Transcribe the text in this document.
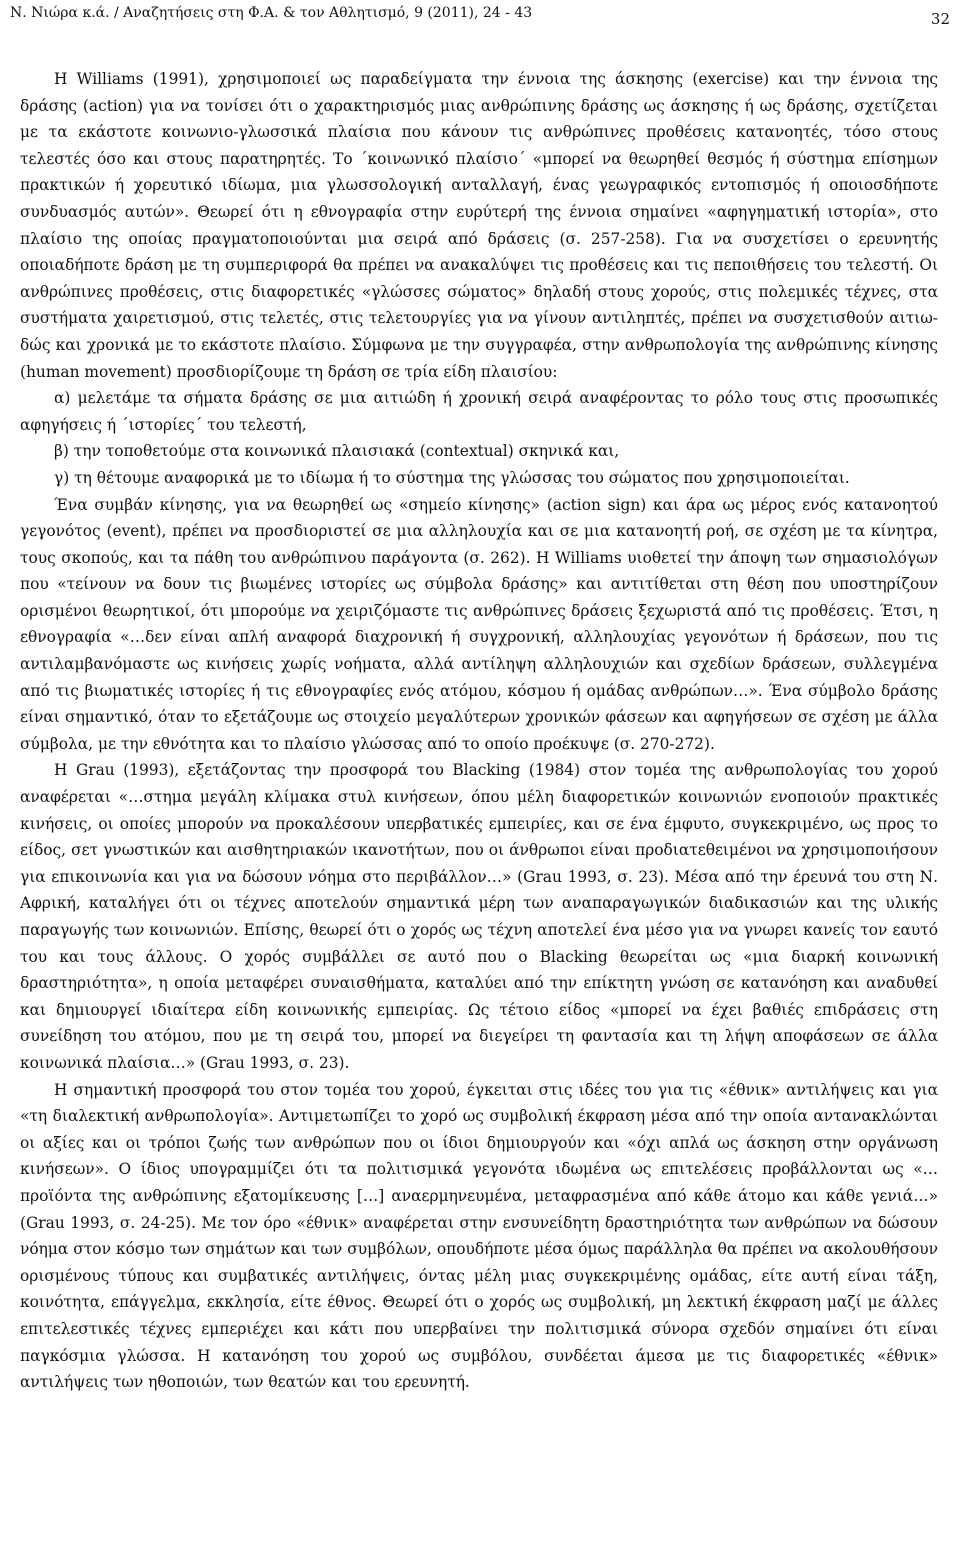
Ν. Νιώρα κ.ά. / Αναζητήσεις στη Φ.Α. & τον Αθλητισμό, 9 (2011), 24 - 43	32

Η Williams (1991), χρησιμοποιεί ως παραδείγματα την έννοια της άσκησης (exercise) και την έννοια της δράσης (action) για να τονίσει ότι ο χαρακτηρισμός μιας ανθρώπινης δράσης ως άσκησης ή ως δράσης, σχετίζεται με τα εκάστοτε κοινωνιο-γλωσσικά πλαίσια που κάνουν τις ανθρώπινες προθέσεις κατανοητές, τόσο στους τελεστές όσο και στους παρατηρητές. Το ΄κοινωνικό πλαίσιο΄ «μπορεί να θεωρηθεί θεσμός ή σύστημα επίσημων πρακτικών ή χορευτικό ιδίωμα, μια γλωσσολογική ανταλλαγή, ένας γεωγραφικός εντοπισμός ή οποιοσδήποτε συνδυασμός αυτών». Θεωρεί ότι η εθνογραφία στην ευρύτερή της έννοια σημαίνει «αφηγηματική ιστορία», στο πλαίσιο της οποίας πραγματοποιούνται μια σειρά από δράσεις (σ. 257-258). Για να συσχετίσει ο ερευνητής οποιαδήποτε δράση με τη συμπεριφορά θα πρέπει να ανακαλύψει τις προθέσεις και τις πεποιθήσεις του τελεστή. Οι ανθρώπινες προθέσεις, στις διαφορετικές «γλώσσες σώματος» δηλαδή στους χορούς, στις πολεμικές τέχνες, στα συστήματα χαιρετισμού, στις τελετές, στις τελετουργίες για να γίνουν αντιληπτές, πρέπει να συσχετισθούν αιτιωδώς και χρονικά με το εκάστοτε πλαίσιο. Σύμφωνα με την συγγραφέα, στην ανθρωπολογία της ανθρώπινης κίνησης (human movement) προσδιορίζουμε τη δράση σε τρία είδη πλαισίου:

α) μελετάμε τα σήματα δράσης σε μια αιτιώδη ή χρονική σειρά αναφέροντας το ρόλο τους στις προσωπικές αφηγήσεις ή ΄ιστορίες΄ του τελεστή,

β) την τοποθετούμε στα κοινωνικά πλαισιακά (contextual) σκηνικά και,

γ) τη θέτουμε αναφορικά με το ιδίωμα ή το σύστημα της γλώσσας του σώματος που χρησιμοποιείται.

Ένα συμβάν κίνησης, για να θεωρηθεί ως «σημείο κίνησης» (action sign) και άρα ως μέρος ενός κατανοητού γεγονότος (event), πρέπει να προσδιοριστεί σε μια αλληλουχία και σε μια κατανοητή ροή, σε σχέση με τα κίνητρα, τους σκοπούς, και τα πάθη του ανθρώπινου παράγοντα (σ. 262). Η Williams υιοθετεί την άποψη των σημασιολόγων που «τείνουν να δουν τις βιωμένες ιστορίες ως σύμβολα δράσης» και αντιτίθεται στη θέση που υποστηρίζουν ορισμένοι θεωρητικοί, ότι μπορούμε να χειριζόμαστε τις ανθρώπινες δράσεις ξεχωριστά από τις προθέσεις. Έτσι, η εθνογραφία «…δεν είναι απλή αναφορά διαχρονική ή συγχρονική, αλληλουχίας γεγονότων ή δράσεων, που τις αντιλαμβανόμαστε ως κινήσεις χωρίς νοήματα, αλλά αντίληψη αλληλουχιών και σχεδίων δράσεων, συλλεγμένα από τις βιωματικές ιστορίες ή τις εθνογραφίες ενός ατόμου, κόσμου ή ομάδας ανθρώπων…». Ένα σύμβολο δράσης είναι σημαντικό, όταν το εξετάζουμε ως στοιχείο μεγαλύτερων χρονικών φάσεων και αφηγήσεων σε σχέση με άλλα σύμβολα, με την εθνότητα και το πλαίσιο γλώσσας από το οποίο προέκυψε (σ. 270-272).

Η Grau (1993), εξετάζοντας την προσφορά του Blacking (1984) στον τομέα της ανθρωπολογίας του χορού αναφέρεται «…στημα μεγάλη κλίμακα στυλ κινήσεων, όπου μέλη διαφορετικών κοινωνιών ενοποιούν πρακτικές κινήσεις, οι οποίες μπορούν να προκαλέσουν υπερβατικές εμπειρίες, και σε ένα έμφυτο, συγκεκριμένο, ως προς το είδος, σετ γνωστικών και αισθητηριακών ικανοτήτων, που οι άνθρωποι είναι προδιατεθειμένοι να χρησιμοποιήσουν για επικοινωνία και για να δώσουν νόημα στο περιβάλλον…» (Grau 1993, σ. 23). Μέσα από την έρευνά του στη Ν. Αφρική, καταλήγει ότι οι τέχνες αποτελούν σημαντικά μέρη των αναπαραγωγικών διαδικασιών και της υλικής παραγωγής των κοινωνιών. Επίσης, θεωρεί ότι ο χορός ως τέχνη αποτελεί ένα μέσο για να γνωρει κανείς τον εαυτό του και τους άλλους. Ο χορός συμβάλλει σε αυτό που ο Blacking θεωρείται ως «μια διαρκή κοινωνική δραστηριότητα», η οποία μεταφέρει συναισθήματα, καταλύει από την επίκτητη γνώση σε κατανόηση και αναδυθεί και δημιουργεί ιδιαίτερα είδη κοινωνικής εμπειρίας. Ως τέτοιο είδος «μπορεί να έχει βαθιές επιδράσεις στη συνείδηση του ατόμου, που με τη σειρά του, μπορεί να διεγείρει τη φαντασία και τη λήψη αποφάσεων σε άλλα κοινωνικά πλαίσια…» (Grau 1993, σ. 23).

Η σημαντική προσφορά του στον τομέα του χορού, έγκειται στις ιδέες του για τις «έθνικ» αντιλήψεις και για «τη διαλεκτική ανθρωπολογία». Αντιμετωπίζει το χορό ως συμβολική έκφραση μέσα από την οποία αντανακλώνται οι αξίες και οι τρόποι ζωής των ανθρώπων που οι ίδιοι δημιουργούν και «όχι απλά ως άσκηση στην οργάνωση κινήσεων». Ο ίδιος υπογραμμίζει ότι τα πολιτισμικά γεγονότα ιδωμένα ως επιτελέσεις προβάλλονται ως «…προϊόντα της ανθρώπινης εξατομίκευσης […] αναερμηνευμένα, μεταφρασμένα από κάθε άτομο και κάθε γενιά…» (Grau 1993, σ. 24-25). Με τον όρο «έθνικ» αναφέρεται στην ενσυνείδητη δραστηριότητα των ανθρώπων να δώσουν νόημα στον κόσμο των σημάτων και των συμβόλων, οπουδήποτε μέσα όμως παράλληλα θα πρέπει να ακολουθήσουν ορισμένους τύπους και συμβατικές αντιλήψεις, όντας μέλη μιας συγκεκριμένης ομάδας, είτε αυτή είναι τάξη, κοινότητα, επάγγελμα, εκκλησία, είτε έθνος. Θεωρεί ότι ο χορός ως συμβολική, μη λεκτική έκφραση μαζί με άλλες επιτελεστικές τέχνες εμπεριέχει και κάτι που υπερβαίνει την πολιτισμικά σύνορα σχεδόν σημαίνει ότι είναι παγκόσμια γλώσσα. Η κατανόηση του χορού ως συμβόλου, συνδέεται άμεσα με τις διαφορετικές «έθνικ» αντιλήψεις των ηθοποιών, των θεατών και του ερευνητή.
